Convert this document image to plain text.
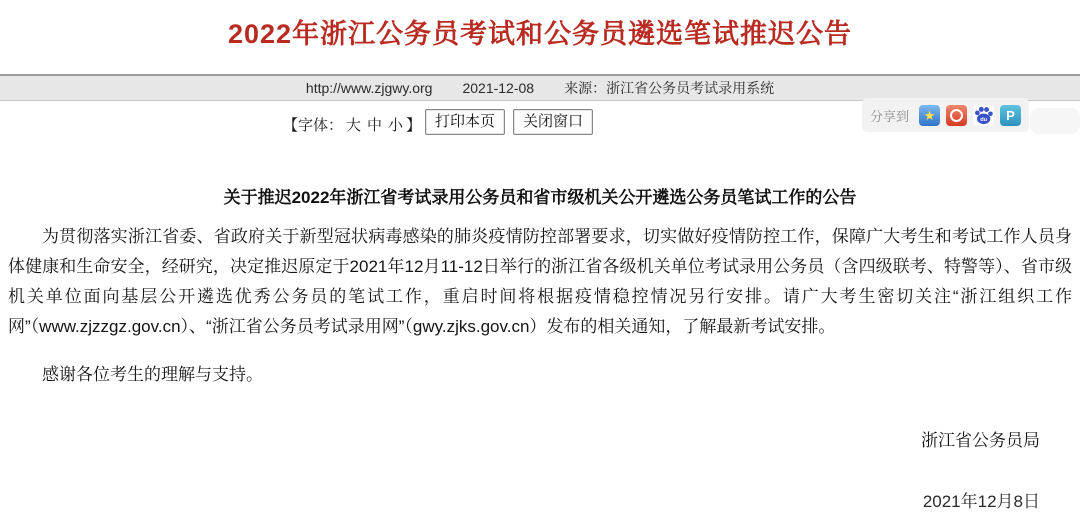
2022年浙江公务员考试和公务员遴选笔试推迟公告
http://www.zjgwy.org 2021-12-08 来源：浙江省公务员考试录用系统
【字体： 大 中 小 】 打印本页	关闭窗口	分享到	★	du	P
关于推迟2022年浙江省考试录用公务员和省市级机关公开遴选公务员笔试工作的公告

为贯彻落实浙江省委、省政府关于新型冠状病毒感染的肺炎疫情防控部署要求，切实做好疫情防控工作，保障广大考生和考试工作人员身体健康和生命安全，经研究，决定推迟原定于2021年12月11-12日举行的浙江省各级机关单位考试录用公务员（含四级联考、特警等）、省市级机关单位面向基层公开遴选优秀公务员的笔试工作，重启时间将根据疫情稳控情况另行安排。请广大考生密切关注“浙江组织工作网”（www.zjzzgz.gov.cn）、“浙江省公务员考试录用网”（gwy.zjks.gov.cn）发布的相关通知，了解最新考试安排。

感谢各位考生的理解与支持。

浙江省公务员局
2021年12月8日
